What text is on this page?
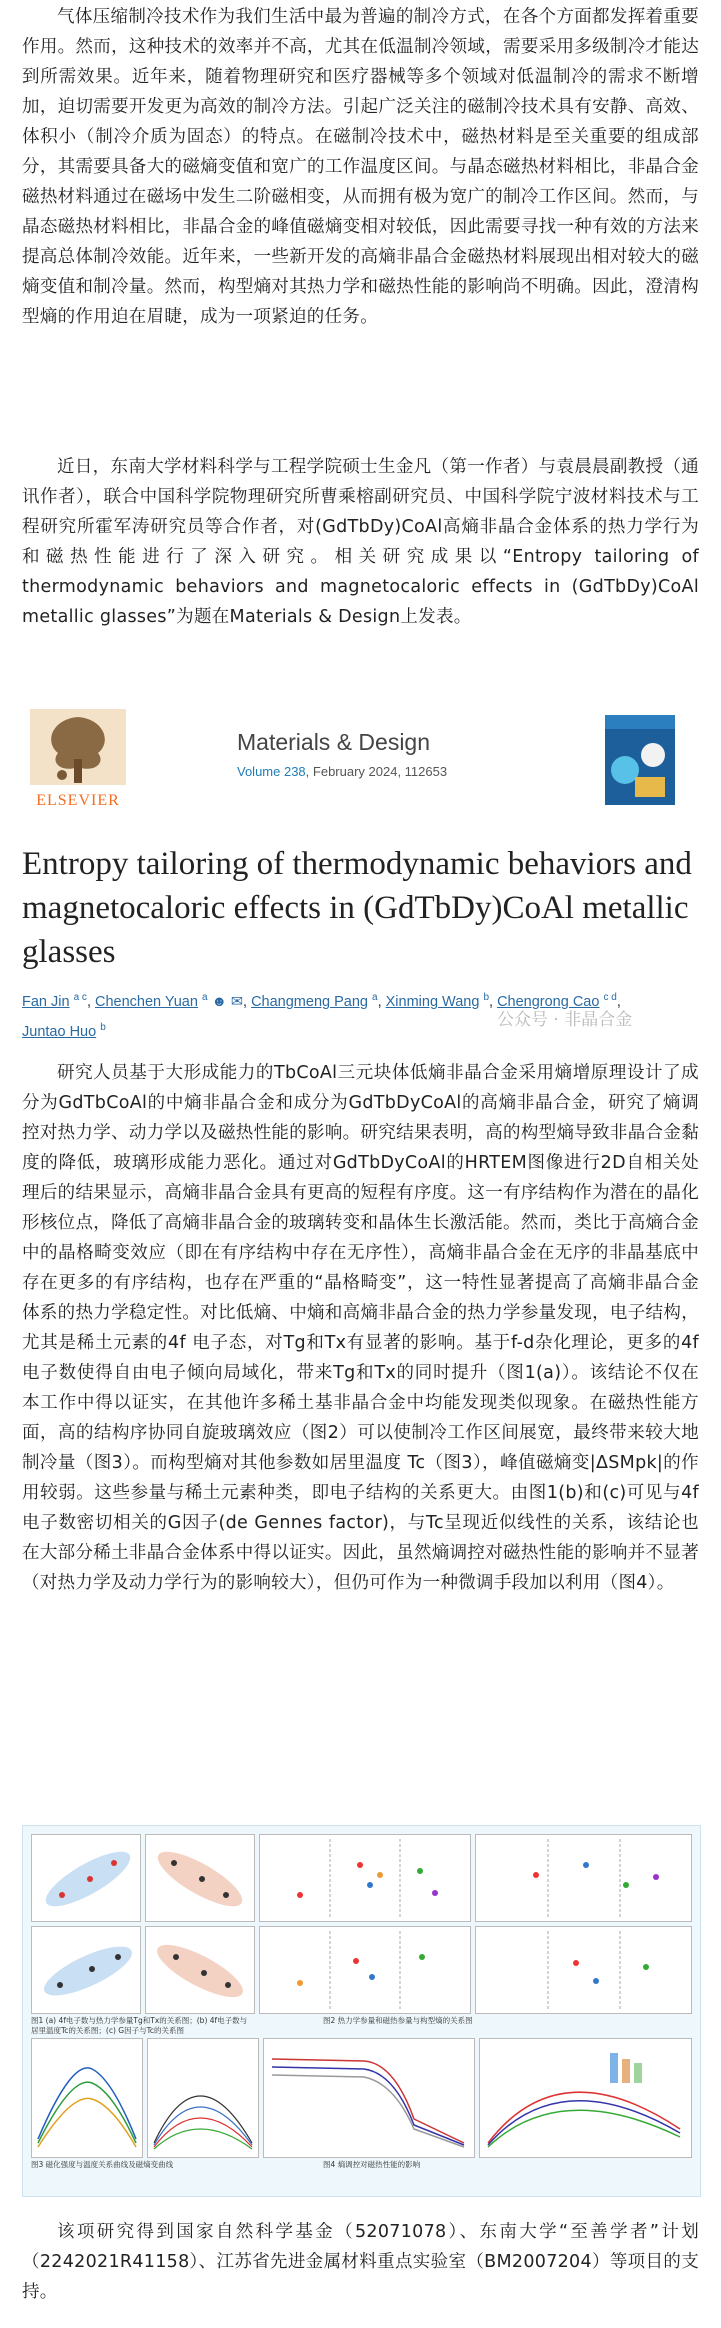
气体压缩制冷技术作为我们生活中最为普遍的制冷方式，在各个方面都发挥着重要作用。然而，这种技术的效率并不高，尤其在低温制冷领域，需要采用多级制冷才能达到所需效果。近年来，随着物理研究和医疗器械等多个领域对低温制冷的需求不断增加，迫切需要开发更为高效的制冷方法。引起广泛关注的磁制冷技术具有安静、高效、体积小（制冷介质为固态）的特点。在磁制冷技术中，磁热材料是至关重要的组成部分，其需要具备大的磁熵变值和宽广的工作温度区间。与晶态磁热材料相比，非晶合金磁热材料通过在磁场中发生二阶磁相变，从而拥有极为宽广的制冷工作区间。然而，与晶态磁热材料相比，非晶合金的峰值磁熵变相对较低，因此需要寻找一种有效的方法来提高总体制冷效能。近年来，一些新开发的高熵非晶合金磁热材料展现出相对较大的磁熵变值和制冷量。然而，构型熵对其热力学和磁热性能的影响尚不明确。因此，澄清构型熵的作用迫在眉睫，成为一项紧迫的任务。

近日，东南大学材料科学与工程学院硕士生金凡（第一作者）与袁晨晨副教授（通讯作者），联合中国科学院物理研究所曹乘榕副研究员、中国科学院宁波材料技术与工程研究所霍军涛研究员等合作者，对(GdTbDy)CoAl高熵非晶合金体系的热力学行为和磁热性能进行了深入研究。相关研究成果以“Entropy tailoring of thermodynamic behaviors and magnetocaloric effects in (GdTbDy)CoAl metallic glasses”为题在Materials & Design上发表。

ELSEVIER
Materials & Design
Volume 238, February 2024, 112653
Entropy tailoring of thermodynamic behaviors and magnetocaloric effects in (GdTbDy)CoAl metallic glasses
Fan Jin $^{a c}$, Chenchen Yuan $^a$ ☻ ✉, Changmeng Pang $^a$, Xinming Wang $^b$, Chengrong Cao $^{c d}$,
Juntao Huo $^b$	公众号 · 非晶合金

研究人员基于大形成能力的TbCoAl三元块体低熵非晶合金采用熵增原理设计了成分为GdTbCoAl的中熵非晶合金和成分为GdTbDyCoAl的高熵非晶合金，研究了熵调控对热力学、动力学以及磁热性能的影响。研究结果表明，高的构型熵导致非晶合金黏度的降低，玻璃形成能力恶化。通过对GdTbDyCoAl的HRTEM图像进行2D自相关处理后的结果显示，高熵非晶合金具有更高的短程有序度。这一有序结构作为潜在的晶化形核位点，降低了高熵非晶合金的玻璃转变和晶体生长激活能。然而，类比于高熵合金中的晶格畸变效应（即在有序结构中存在无序性），高熵非晶合金在无序的非晶基底中存在更多的有序结构，也存在严重的“晶格畸变”，这一特性显著提高了高熵非晶合金体系的热力学稳定性。对比低熵、中熵和高熵非晶合金的热力学参量发现，电子结构，尤其是稀土元素的4f 电子态，对Tg和Tx有显著的影响。基于f-d杂化理论，更多的4f 电子数使得自由电子倾向局域化，带来Tg和Tx的同时提升（图1(a)）。该结论不仅在本工作中得以证实，在其他许多稀土基非晶合金中均能发现类似现象。在磁热性能方面，高的结构序协同自旋玻璃效应（图2）可以使制冷工作区间展宽，最终带来较大地制冷量（图3）。而构型熵对其他参数如居里温度 Tc（图3），峰值磁熵变|ΔSMpk|的作用较弱。这些参量与稀土元素种类，即电子结构的关系更大。由图1(b)和(c)可见与4f电子数密切相关的G因子(de Gennes factor)，与Tc呈现近似线性的关系，该结论也在大部分稀土非晶合金体系中得以证实。因此，虽然熵调控对磁热性能的影响并不显著（对热力学及动力学行为的影响较大），但仍可作为一种微调手段加以利用（图4）。

图1 (a) 4f电子数与热力学参量Tg和Tx的关系图；(b) 4f电子数与居里温度Tc的关系图；(c) G因子与Tc的关系图
图2 热力学参量和磁热参量与构型熵的关系图
图3 磁化强度与温度关系曲线及磁熵变曲线	图4 熵调控对磁热性能的影响

该项研究得到国家自然科学基金（52071078）、东南大学“至善学者”计划（2242021R41158）、江苏省先进金属材料重点实验室（BM2007204）等项目的支持。
